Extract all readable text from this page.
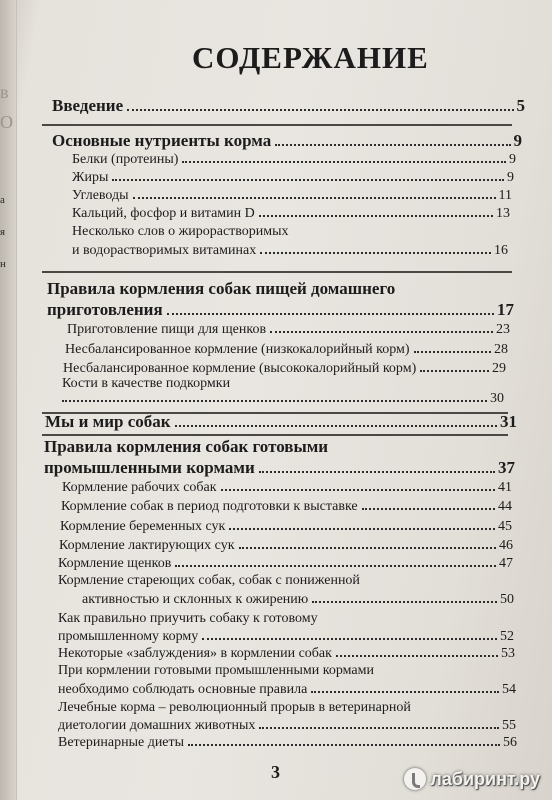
в
О
а
я
н
СОДЕРЖАНИЕ
Введение	5
Основные нутриенты корма	9
Белки (протеины)	9
Жиры	9
Углеводы	11
Кальций, фосфор и витамин D	13
Несколько слов о жирорастворимых
и водорастворимых витаминах	16
Правила кормления собак пищей домашнего
приготовления	17
Приготовление пищи для щенков	23
Несбалансированное кормление (низкокалорийный корм)	28
Несбалансированное кормление (высококалорийный корм)	29
Кости в качестве подкормки
30
Мы и мир собак	31
Правила кормления собак готовыми
промышленными кормами	37
Кормление рабочих собак	41
Кормление собак в период подготовки к выставке	44
Кормление беременных сук	45
Кормление лактирующих сук	46
Кормление щенков	47
Кормление стареющих собак, собак с пониженной
активностью и склонных к ожирению	50
Как правильно приучить собаку к готовому
промышленному корму	52
Некоторые «заблуждения» в кормлении собак	53
При кормлении готовыми промышленными кормами
необходимо соблюдать основные правила	54
Лечебные корма – революционный прорыв в ветеринарной
диетологии домашних животных	55
Ветеринарные диеты	56
3	лабиринт.ру
